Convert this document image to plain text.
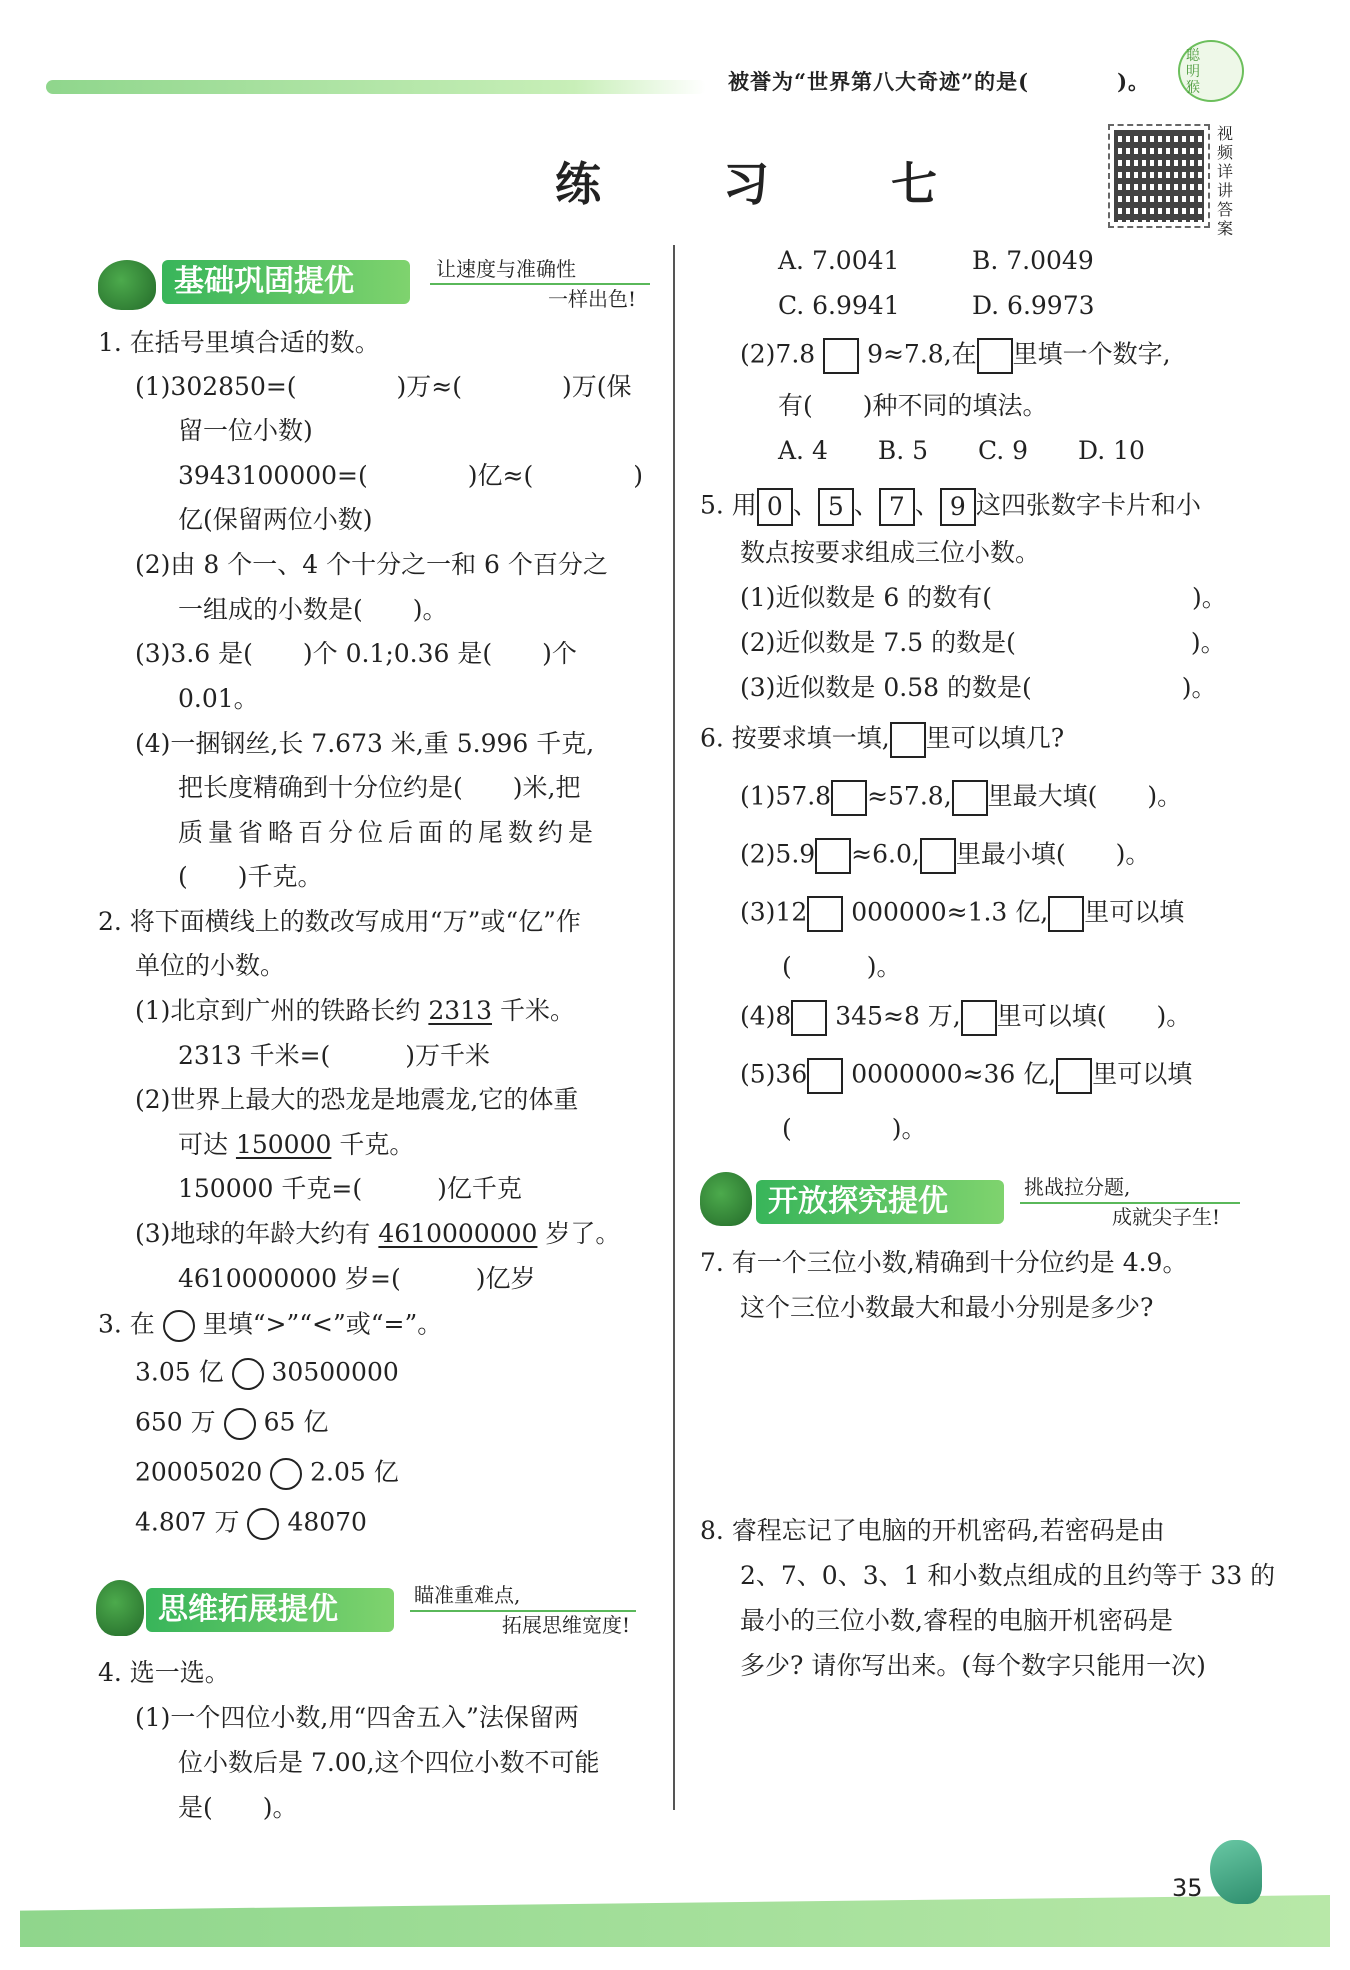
被誉为“世界第八大奇迹”的是(　　　　)。
聪明猴
练　习　七
视频详讲答案
基础巩固提优	让速度与准确性
一样出色!
1. 在括号里填合适的数。
(1)302850=(　　　　)万≈(　　　　)万(保
留一位小数)
3943100000=(　　　　)亿≈(　　　　)
亿(保留两位小数)
(2)由 8 个一、4 个十分之一和 6 个百分之
一组成的小数是(　　)。
(3)3.6 是(　　)个 0.1;0.36 是(　　)个
0.01。
(4)一捆钢丝,长 7.673 米,重 5.996 千克,
把长度精确到十分位约是(　　)米,把
质量省略百分位后面的尾数约是
(　　)千克。
2. 将下面横线上的数改写成用“万”或“亿”作
单位的小数。
(1)北京到广州的铁路长约 2313 千米。
2313 千米=(　　　)万千米
(2)世界上最大的恐龙是地震龙,它的体重
可达 150000 千克。
150000 千克=(　　　)亿千克
(3)地球的年龄大约有 4610000000 岁了。
4610000000 岁=(　　　)亿岁
3. 在 里填“>”“<”或“=”。
3.05 亿 30500000
650 万 65 亿
20005020 2.05 亿
4.807 万 48070
思维拓展提优	瞄准重难点,
拓展思维宽度!
4. 选一选。
(1)一个四位小数,用“四舍五入”法保留两
位小数后是 7.00,这个四位小数不可能
是(　　)。
A. 7.0041	B. 7.0049
C. 6.9941	D. 6.9973
(2)7.8 9≈7.8,在 里填一个数字,
有(　　)种不同的填法。
A. 4　　B. 5　　C. 9　　D. 10
5. 用 0 、 5 、 7 、 9 这四张数字卡片和小
数点按要求组成三位小数。
(1)近似数是 6 的数有(　　　　　　　　)。
(2)近似数是 7.5 的数是(　　　　　　　)。
(3)近似数是 0.58 的数是(　　　　　　)。
6. 按要求填一填, 里可以填几?
(1)57.8 ≈57.8, 里最大填(　　)。
(2)5.9 ≈6.0, 里最小填(　　)。
(3)12 000000≈1.3 亿, 里可以填
(　　　)。
(4)8 345≈8 万, 里可以填(　　)。
(5)36 0000000≈36 亿, 里可以填
(　　　　)。
开放探究提优	挑战拉分题,
成就尖子生!
7. 有一个三位小数,精确到十分位约是 4.9。
这个三位小数最大和最小分别是多少?
8. 睿程忘记了电脑的开机密码,若密码是由
2、7、0、3、1 和小数点组成的且约等于 33 的
最小的三位小数,睿程的电脑开机密码是
多少? 请你写出来。(每个数字只能用一次)
35
